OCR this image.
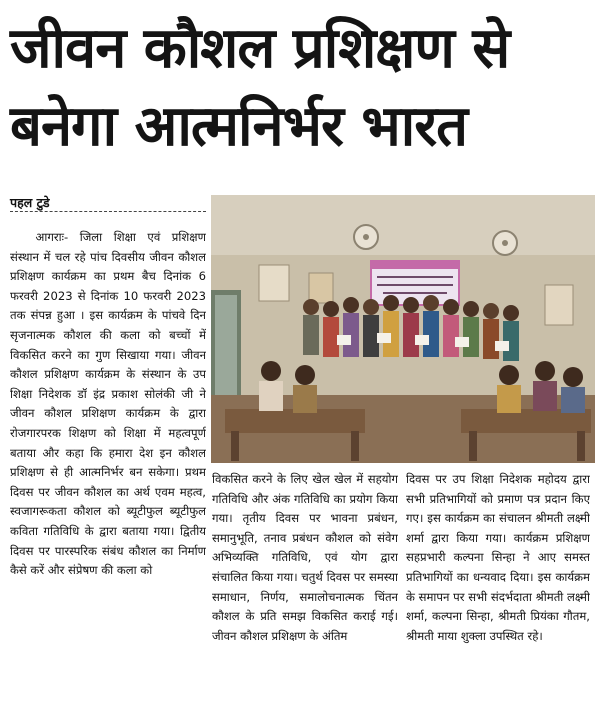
जीवन कौशल प्रशिक्षण से
बनेगा आत्मनिर्भर भारत
पहल टुडे

आगराः- जिला शिक्षा एवं प्रशिक्षण संस्थान में चल रहे पांच दिवसीय जीवन कौशल प्रशिक्षण कार्यक्रम का प्रथम बैच दिनांक 6 फरवरी 2023 से दिनांक 10 फरवरी 2023 तक संपन्न हुआ । इस कार्यक्रम के पांचवे दिन सृजनात्मक कौशल की कला को बच्चों में विकसित करने का गुण सिखाया गया। जीवन कौशल प्रशिक्षण कार्यक्रम के संस्थान के उप शिक्षा निदेशक डॉ इंद्र प्रकाश सोलंकी जी ने जीवन कौशल प्रशिक्षण कार्यक्रम के द्वारा रोजगारपरक शिक्षण को शिक्षा में महत्वपूर्ण बताया और कहा कि हमारा देश इन कौशल प्रशिक्षण से ही आत्मनिर्भर बन सकेगा। प्रथम दिवस पर जीवन कौशल का अर्थ एवम महत्व, स्वजागरूकता कौशल को ब्यूटीफुल ब्यूटीफुल कविता गतिविधि के द्वारा बताया गया। द्वितीय दिवस पर पारस्परिक संबंध कौशल का निर्माण कैसे करें और संप्रेषण की कला को

विकसित करने के लिए खेल खेल में सहयोग गतिविधि और अंक गतिविधि का प्रयोग किया गया। तृतीय दिवस पर भावना प्रबंधन, समानुभूति, तनाव प्रबंधन कौशल को संवेग अभिव्यक्ति गतिविधि, एवं योग द्वारा संचालित किया गया। चतुर्थ दिवस पर समस्या समाधान, निर्णय, समालोचनात्मक चिंतन कौशल के प्रति समझ विकसित कराई गई। जीवन कौशल प्रशिक्षण के अंतिम

दिवस पर उप शिक्षा निदेशक महोदय द्वारा सभी प्रतिभागियों को प्रमाण पत्र प्रदान किए गए। इस कार्यक्रम का संचालन श्रीमती लक्ष्मी शर्मा द्वारा किया गया। कार्यक्रम प्रशिक्षण सहप्रभारी कल्पना सिन्हा ने आए समस्त प्रतिभागियों का धन्यवाद दिया। इस कार्यक्रम के समापन पर सभी संदर्भदाता श्रीमती लक्ष्मी शर्मा, कल्पना सिन्हा, श्रीमती प्रियंका गौतम, श्रीमती माया शुक्ला उपस्थित रहे।
